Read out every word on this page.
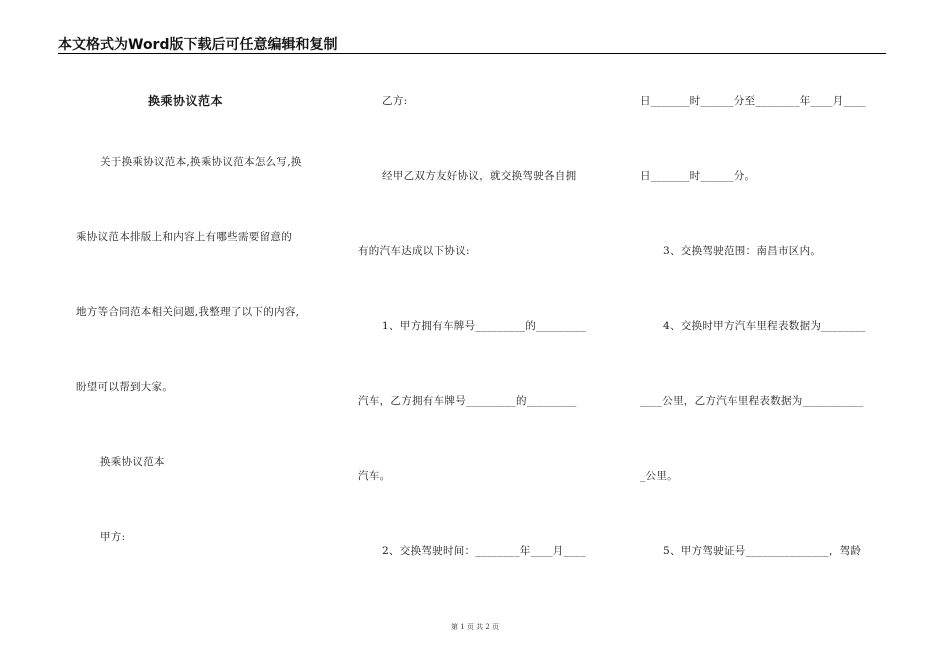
本文格式为Word版下载后可任意编辑和复制
换乘协议范本
关于换乘协议范本,换乘协议范本怎么写,换
乘协议范本排版上和内容上有哪些需要留意的
地方等合同范本相关问题,我整理了以下的内容,
盼望可以帮到大家。
换乘协议范本
甲方:
乙方:
经甲乙双方友好协议，就交换驾驶各自拥
有的汽车达成以下协议:
1、甲方拥有车牌号_________的_________
汽车，乙方拥有车牌号_________的_________
汽车。
2、交换驾驶时间：________年____月____
日_______时______分至________年____月____
日_______时______分。
3、交换驾驶范围：南昌市区内。
4、交换时甲方汽车里程表数据为________
____公里，乙方汽车里程表数据为___________
_公里。
5、甲方驾驶证号_______________，驾龄
第 1 页 共 2 页
